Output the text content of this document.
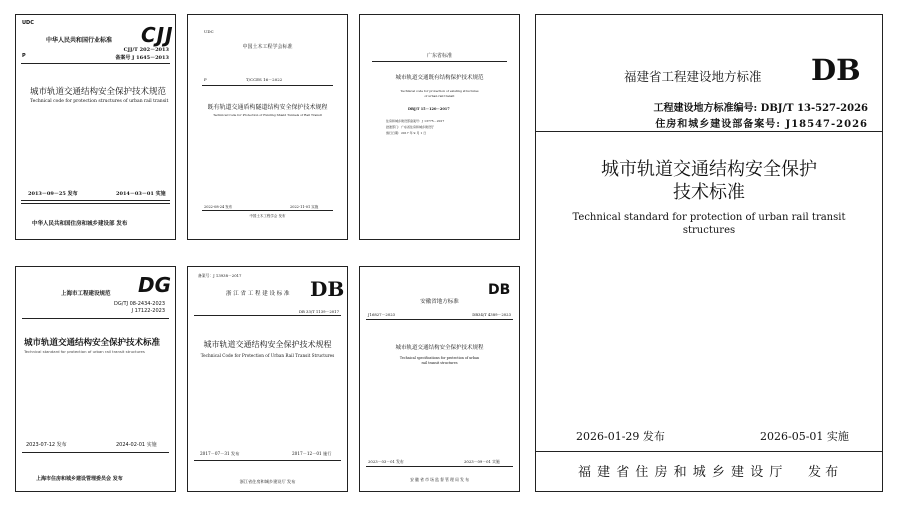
UDC
中华人民共和国行业标准 CJJ
P
CJJ/T 202－2013
备案号 J 1645－2013
城市轨道交通结构安全保护技术规范
Technical code for protection structures of urban rail transit
2013－09－25 发布	2014－03－01 实施
中华人民共和国住房和城乡建设部 发布
UDC
中国土木工程学会标准
P	T/CCES 16－2022
既有轨道交通盾构隧道结构安全保护技术规程
Technical Code for Protection of Existing Shield Tunnels of Rail Transit
2022-08-24 发布	2022-11-01 实施
中国土木工程学会 发布
广东省标准
城市轨道交通既有结构保护技术规范
Technical code for protection of existing structures
of urban rail transit
DBJ/T 15－120－2017
住房和城乡建设部备案号：J 13775－2017
批准部门：广东省住房和城乡建设厅
施行日期：2017 年 9 月 1 日
上海市工程建设规范 DG
DG/TJ 08-2434-2023
J 17122-2023
城市轨道交通结构安全保护技术标准
Technical standard for protection of urban rail transit structures
2023-07-12 发布	2024-02-01 实施
上海市住房和城乡建设管理委员会 发布
备案号：J 13938－2017
浙 江 省 工 程 建 设 标 准 DB
DB 33/T 1139－2017
城市轨道交通结构安全保护技术规程
Technical Code for Protection of Urban Rail Transit Structures
2017－07－31 发布	2017－12－01 施行
浙江省住房和城乡建设厅 发布
DB
安徽省地方标准
J16827－2023	DB34/T 4389－2023
城市轨道交通结构安全保护技术规程
Technical specifications for protection of urban
rail transit structures
2023－03－01 发布	2023－09－01 实施
安 徽 省 市 场 监 督 管 理 局 发 布
福建省工程建设地方标准 DB
工程建设地方标准编号: DBJ/T 13-527-2026
住房和城乡建设部备案号: J18547-2026
城市轨道交通结构安全保护
技术标准
Technical standard for protection of urban rail transit
structures
2026-01-29 发布	2026-05-01 实施
福 建 省 住 房 和 城 乡 建 设 厅 发 布
